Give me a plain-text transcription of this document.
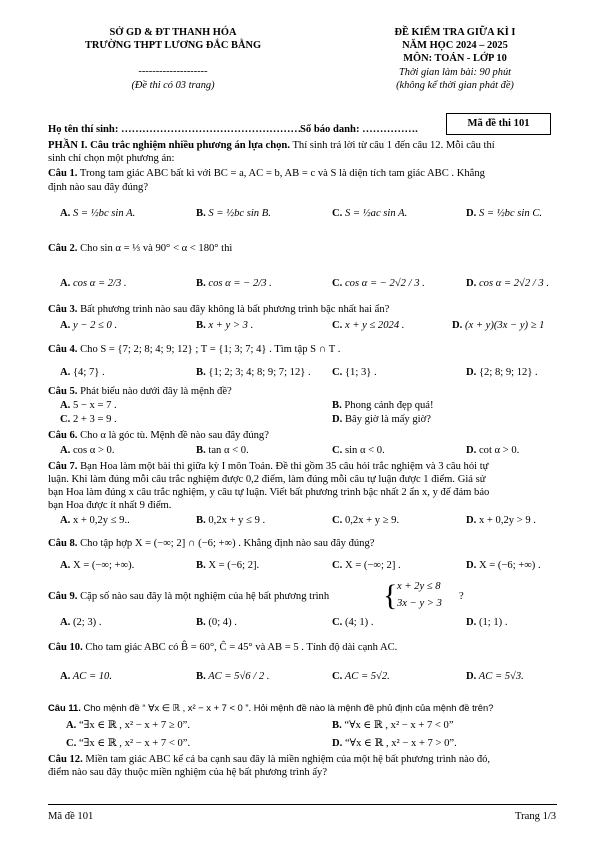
SỞ GD & ĐT THANH HÓA
TRƯỜNG THPT LƯƠNG ĐẮC BẰNG
--------------------
(Đề thi có 03 trang)
ĐỀ KIỂM TRA GIỮA KÌ I
NĂM HỌC 2024 – 2025
MÔN: TOÁN - LỚP 10
Thời gian làm bài: 90 phút
(không kể thời gian phát đề)
Họ tên thí sinh: ……………………………………………
Số báo danh: …………….
Mã đề thi 101
PHẦN I. Câu trắc nghiệm nhiều phương án lựa chọn. Thí sinh trả lời từ câu 1 đến câu 12. Mỗi câu thí
sinh chỉ chọn một phương án:
Câu 1. Trong tam giác ABC bất kì với BC = a, AC = b, AB = c và S là diện tích tam giác ABC . Khẳng
định nào sau đây đúng?
A. S = ½bc sin A.	B. S = ½bc sin B.	C. S = ½ac sin A.	D. S = ½bc sin C.
Câu 2. Cho sin α = ⅓ và 90° < α < 180° thì
A. cos α = 2/3 .	B. cos α = − 2/3 .	C. cos α = − 2√2 / 3 .	D. cos α = 2√2 / 3 .
Câu 3. Bất phương trình nào sau đây không là bất phương trình bậc nhất hai ẩn?
A. y − 2 ≤ 0 .	B. x + y > 3 .	C. x + y ≤ 2024 .	D. (x + y)(3x − y) ≥ 1
Câu 4. Cho S = {7; 2; 8; 4; 9; 12} ; T = {1; 3; 7; 4} . Tìm tập S ∩ T .
A. {4; 7} .	B. {1; 2; 3; 4; 8; 9; 7; 12} . C. {1; 3} .	D. {2; 8; 9; 12} .
Câu 5. Phát biểu nào dưới đây là mệnh đề?
A. 5 − x = 7 .	B. Phong cảnh đẹp quá!
C. 2 + 3 = 9 .	D. Bây giờ là mấy giờ?
Câu 6. Cho α là góc tù. Mệnh đề nào sau đây đúng?
A. cos α > 0.	B. tan α < 0.	C. sin α < 0.	D. cot α > 0.
Câu 7. Bạn Hoa làm một bài thi giữa kỳ I môn Toán. Đề thi gồm 35 câu hỏi trắc nghiệm và 3 câu hỏi tự
luận. Khi làm đúng mỗi câu trắc nghiệm được 0,2 điểm, làm đúng mỗi câu tự luận được 1 điểm. Giả sử
bạn Hoa làm đúng x câu trắc nghiệm, y câu tự luận. Viết bất phương trình bậc nhất 2 ẩn x, y để đảm bảo
bạn Hoa được ít nhất 9 điểm.
A. x + 0,2y ≤ 9..	B. 0,2x + y ≤ 9 .	C. 0,2x + y ≥ 9.	D. x + 0,2y > 9 .
Câu 8. Cho tập hợp X = (−∞; 2] ∩ (−6; +∞) . Khẳng định nào sau đây đúng?
A. X = (−∞; +∞).	B. X = (−6; 2].	C. X = (−∞; 2] .	D. X = (−6; +∞) .
Câu 9. Cặp số nào sau đây là một nghiệm của hệ bất phương trình { x + 2y ≤ 8
3x − y > 3
?
A. (2; 3) .	B. (0; 4) .	C. (4; 1) .	D. (1; 1) .
Câu 10. Cho tam giác ABC có B̂ = 60°, Ĉ = 45° và AB = 5 . Tính độ dài cạnh AC.
A. AC = 10.	B. AC = 5√6 / 2 .	C. AC = 5√2.	D. AC = 5√3.
Câu 11. Cho mệnh đề “ ∀x ∈ ℝ , x² − x + 7 < 0 ”. Hỏi mệnh đề nào là mệnh đề phủ định của mệnh đề trên?
A. “∃x ∈ ℝ , x² − x + 7 ≥ 0”.	B. “∀x ∈ ℝ , x² − x + 7 < 0”
C. “∃x ∈ ℝ , x² − x + 7 < 0”.	D. “∀x ∈ ℝ , x² − x + 7 > 0”.
Câu 12. Miền tam giác ABC kể cả ba cạnh sau đây là miền nghiệm của một hệ bất phương trình nào đó,
điểm nào sau đây thuộc miền nghiệm của hệ bất phương trình ấy?
Mã đề 101	Trang 1/3
